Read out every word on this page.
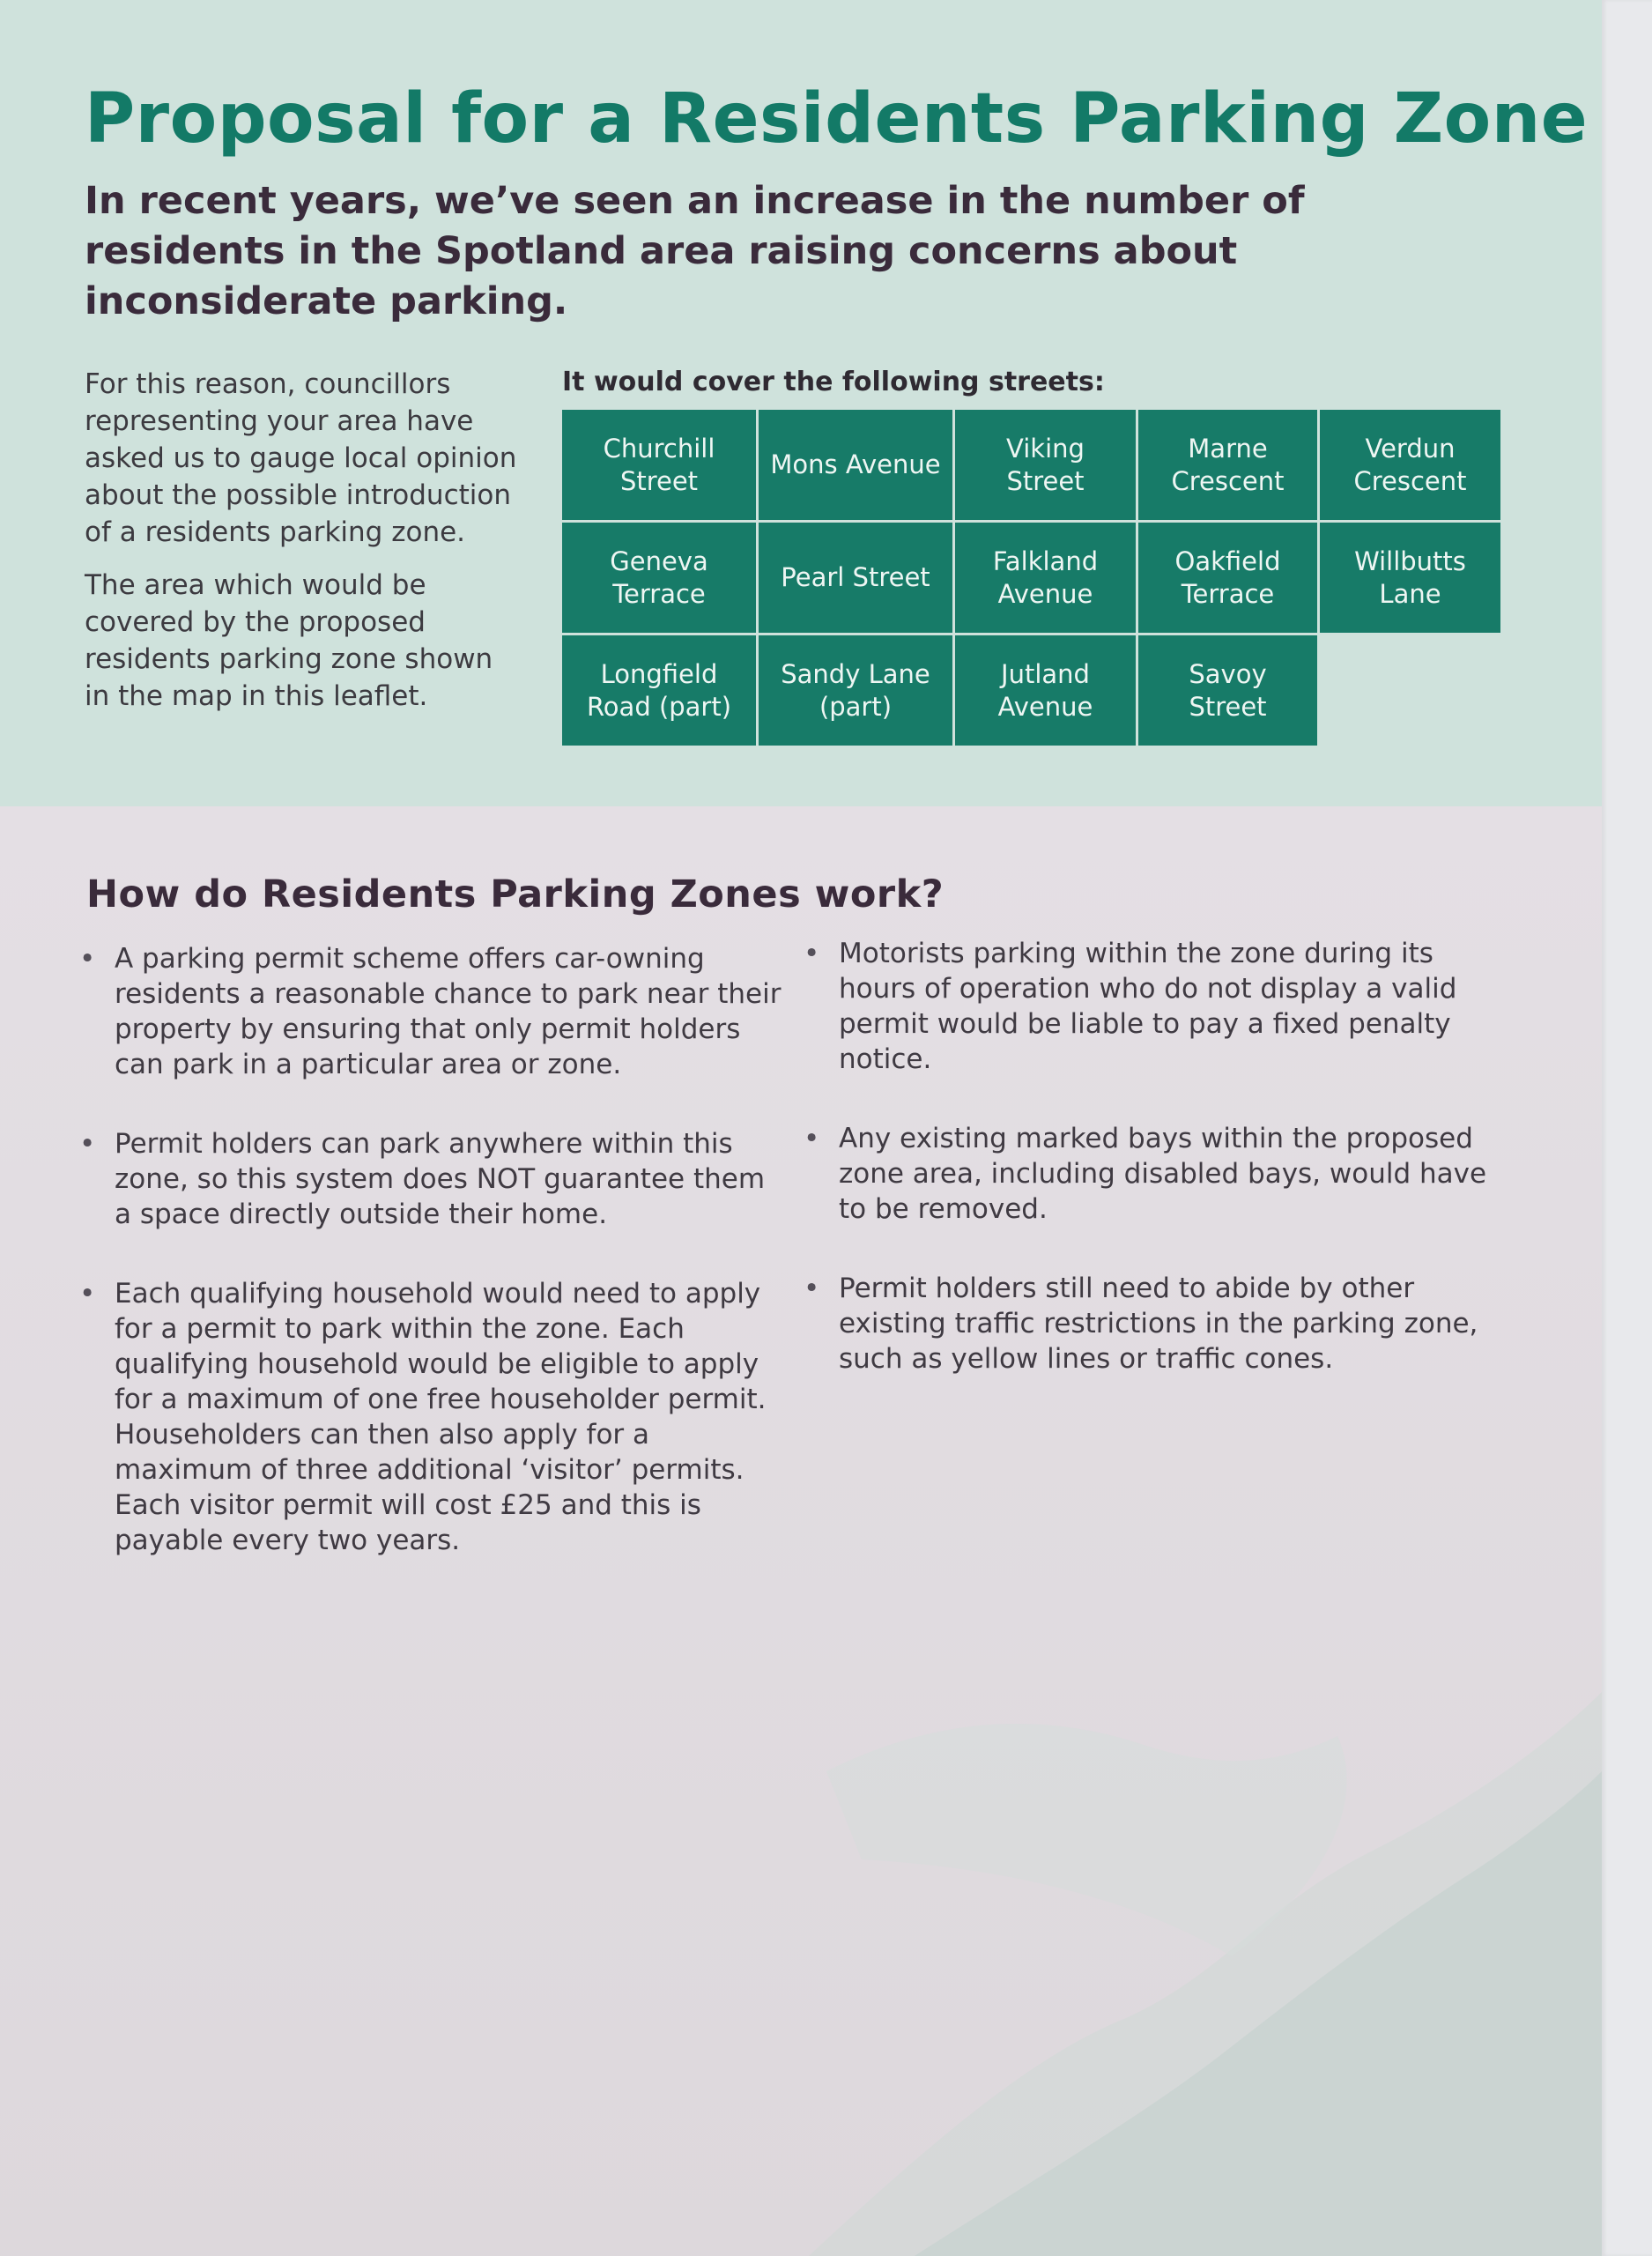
Proposal for a Residents Parking Zone

In recent years, we’ve seen an increase in the number of residents in the Spotland area raising concerns about inconsiderate parking.

For this reason, councillors representing your area have asked us to gauge local opinion about the possible introduction of a residents parking zone.

The area which would be covered by the proposed residents parking zone shown in the map in this leaflet.

It would cover the following streets:

Churchill Street
Mons Avenue
Viking Street
Marne Crescent
Verdun Crescent
Geneva Terrace
Pearl Street
Falkland Avenue
Oakfield Terrace
Willbutts Lane
Longfield Road (part)
Sandy Lane (part)
Jutland Avenue
Savoy Street
How do Residents Parking Zones work?
• A parking permit scheme offers car-owning residents a reasonable chance to park near their property by ensuring that only permit holders can park in a particular area or zone.
• Permit holders can park anywhere within this zone, so this system does NOT guarantee them a space directly outside their home.
• Each qualifying household would need to apply for a permit to park within the zone. Each qualifying household would be eligible to apply for a maximum of one free householder permit. Householders can then also apply for a maximum of three additional ‘visitor’ permits. Each visitor permit will cost £25 and this is payable every two years.
• Motorists parking within the zone during its hours of operation who do not display a valid permit would be liable to pay a fixed penalty notice.
• Any existing marked bays within the proposed zone area, including disabled bays, would have to be removed.
• Permit holders still need to abide by other existing traffic restrictions in the parking zone, such as yellow lines or traffic cones.
